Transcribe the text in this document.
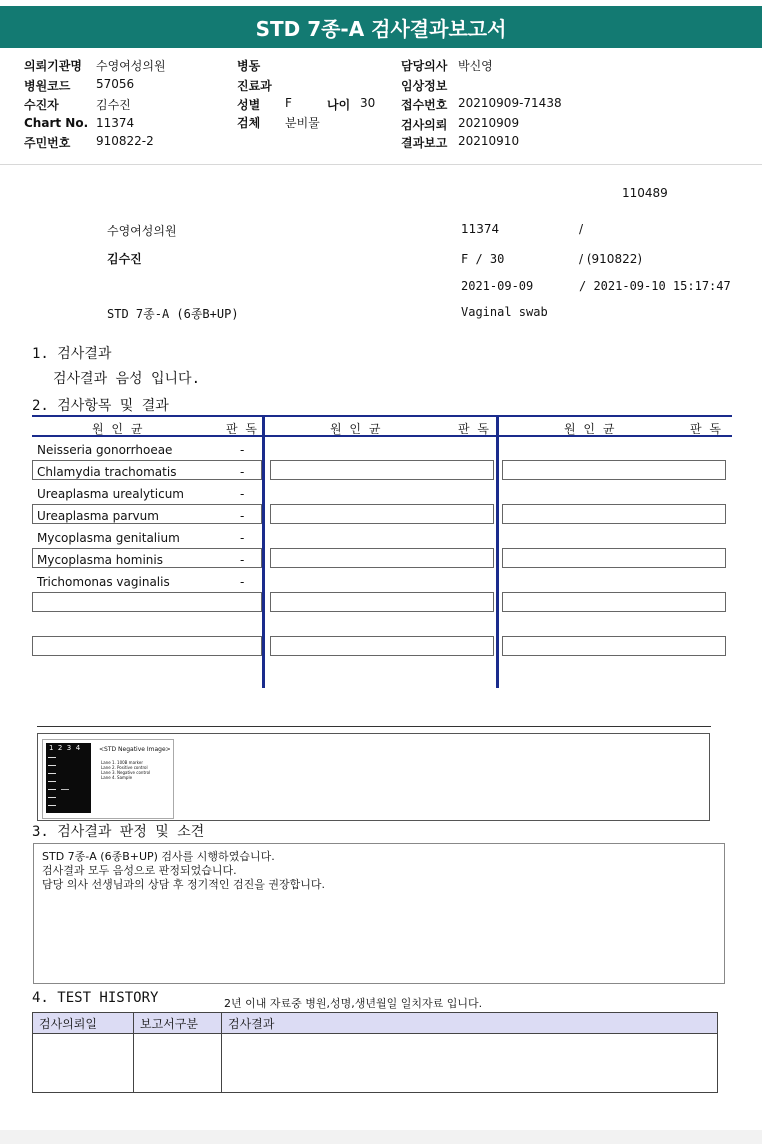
STD 7종-A 검사결과보고서
의뢰기관명 수영여성의원
병원코드 57056
수진자	김수진
Chart No. 11374
주민번호 910822-2
병동
진료과
성별 F	나이 30
검체 분비물
담당의사 박신영
임상정보
접수번호 20210909-71438
검사의뢰 20210909
결과보고 20210910
110489
수영여성의원	11374	/
김수진	F / 30	/ (910822)
2021-09-09	/ 2021-09-10 15:17:47
STD 7종-A (6종B+UP)	Vaginal swab
1. 검사결과
검사결과 음성 입니다.
2. 검사항목 및 결과
원 인 균	판 독	원 인 균	판 독	원 인 균	판 독
Neisseria gonorrhoeae	-
Chlamydia trachomatis	-
Ureaplasma urealyticum	-
Ureaplasma parvum	-
Mycoplasma genitalium	-
Mycoplasma hominis	-
Trichomonas vaginalis	-
1  2  3  4	<STD Negative Image>
Lane 1. 100B marker
Lane 2. Positive control
Lane 3. Negative control
Lane 4. Sample
3. 검사결과 판정 및 소견
STD 7종-A (6종B+UP) 검사를 시행하였습니다.
검사결과 모두 음성으로 판정되었습니다.
담당 의사 선생님과의 상담 후 정기적인 검진을 권장합니다.
4. TEST HISTORY	2년 이내 자료중 병원,성명,생년월일 일치자료 입니다.
검사의뢰일	보고서구분	검사결과
